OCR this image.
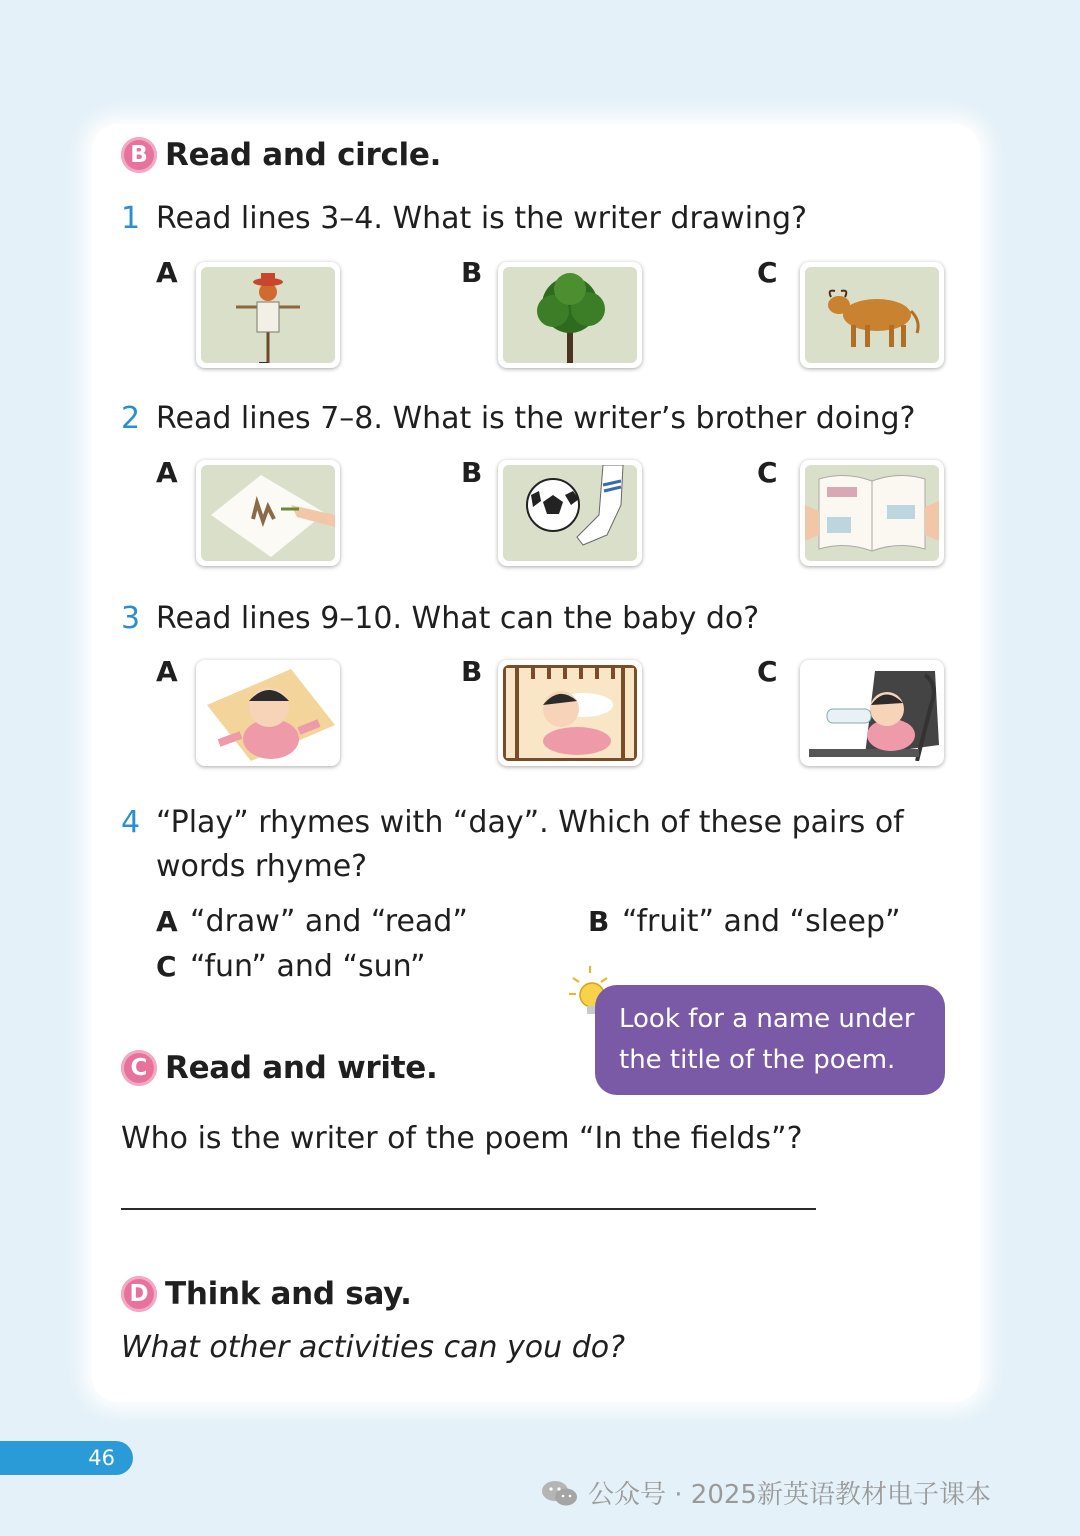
B Read and circle.
1 Read lines 3–4. What is the writer drawing?
A	B	C
2 Read lines 7–8. What is the writer’s brother doing?
A	B	C
3 Read lines 9–10. What can the baby do?
A	B	C
4 “Play” rhymes with “day”. Which of these pairs of
words rhyme?
A “draw” and “read”	B “fruit” and “sleep”
C “fun” and “sun”
Look for a name under
the title of the poem.
C Read and write.
Who is the writer of the poem “In the fields”?
D Think and say.
What other activities can you do?
46
公众号 · 2025新英语教材电子课本
